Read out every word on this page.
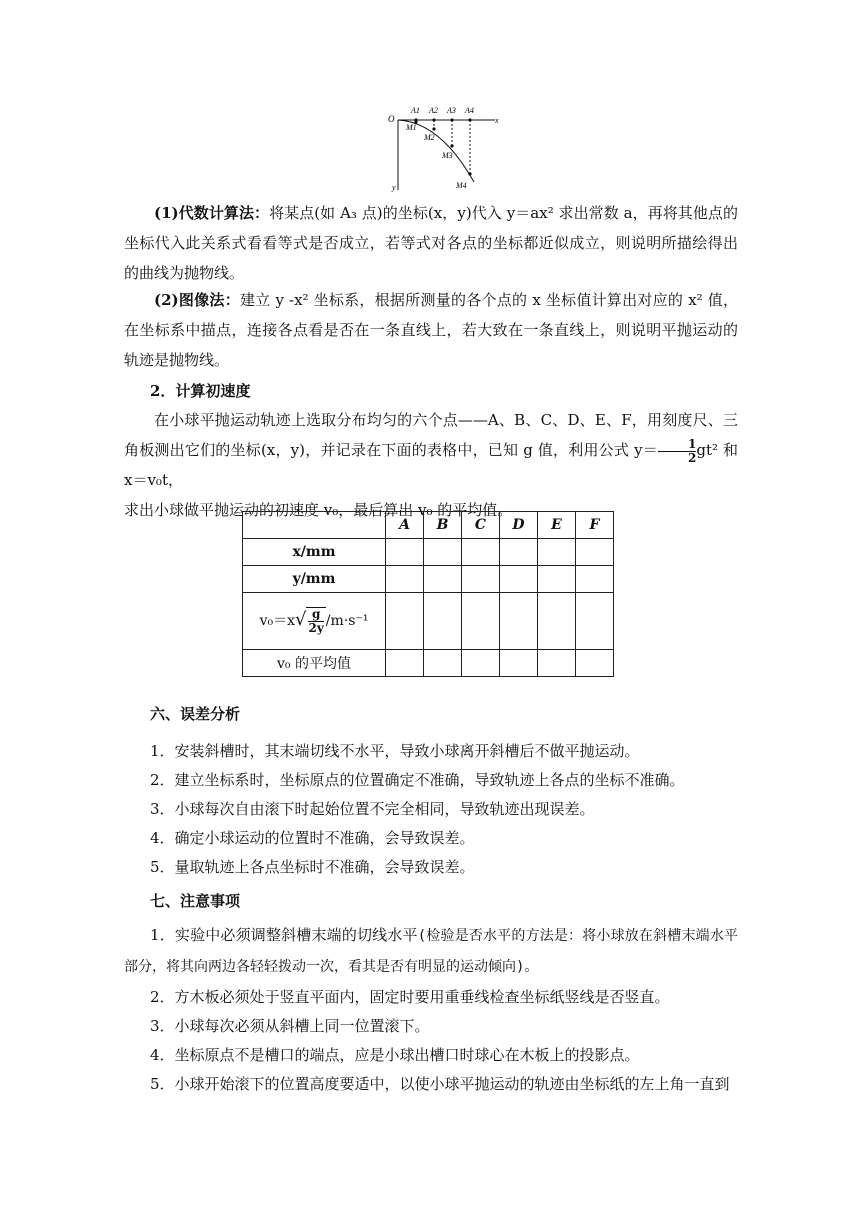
O	x
y
A1 A2 A3 A4
M1
M2
M3
M4

(1)代数计算法：将某点(如 A₃ 点)的坐标(x，y)代入 y＝ax² 求出常数 a，再将其他点的坐标代入此关系式看看等式是否成立，若等式对各点的坐标都近似成立，则说明所描绘得出的曲线为抛物线。

(2)图像法：建立 y -x² 坐标系，根据所测量的各个点的 x 坐标值计算出对应的 x² 值，在坐标系中描点，连接各点看是否在一条直线上，若大致在一条直线上，则说明平抛运动的轨迹是抛物线。

2．计算初速度

在小球平抛运动轨迹上选取分布均匀的六个点——A、B、C、D、E、F，用刻度尺、三角板测出它们的坐标(x，y)，并记录在下面的表格中，已知 g 值，利用公式 $y= \frac{1}{2} gt^2$ 和 x＝v₀t，
求出小球做平抛运动的初速度 v₀，最后算出 v₀ 的平均值。

	A	B	C	D	E	F
x/mm						
y/mm						
$v_0=x√ \frac{g}{2y} /m\cdot s^{-1}$						
v₀ 的平均值						
六、误差分析
1．安装斜槽时，其末端切线不水平，导致小球离开斜槽后不做平抛运动。
2．建立坐标系时，坐标原点的位置确定不准确，导致轨迹上各点的坐标不准确。
3．小球每次自由滚下时起始位置不完全相同，导致轨迹出现误差。
4．确定小球运动的位置时不准确，会导致误差。
5．量取轨迹上各点坐标时不准确，会导致误差。
七、注意事项

1．实验中必须调整斜槽末端的切线水平(检验是否水平的方法是：将小球放在斜槽末端水平部分，将其向两边各轻轻拨动一次，看其是否有明显的运动倾向)。

2．方木板必须处于竖直平面内，固定时要用重垂线检查坐标纸竖线是否竖直。
3．小球每次必须从斜槽上同一位置滚下。
4．坐标原点不是槽口的端点，应是小球出槽口时球心在木板上的投影点。
5．小球开始滚下的位置高度要适中，以使小球平抛运动的轨迹由坐标纸的左上角一直到
